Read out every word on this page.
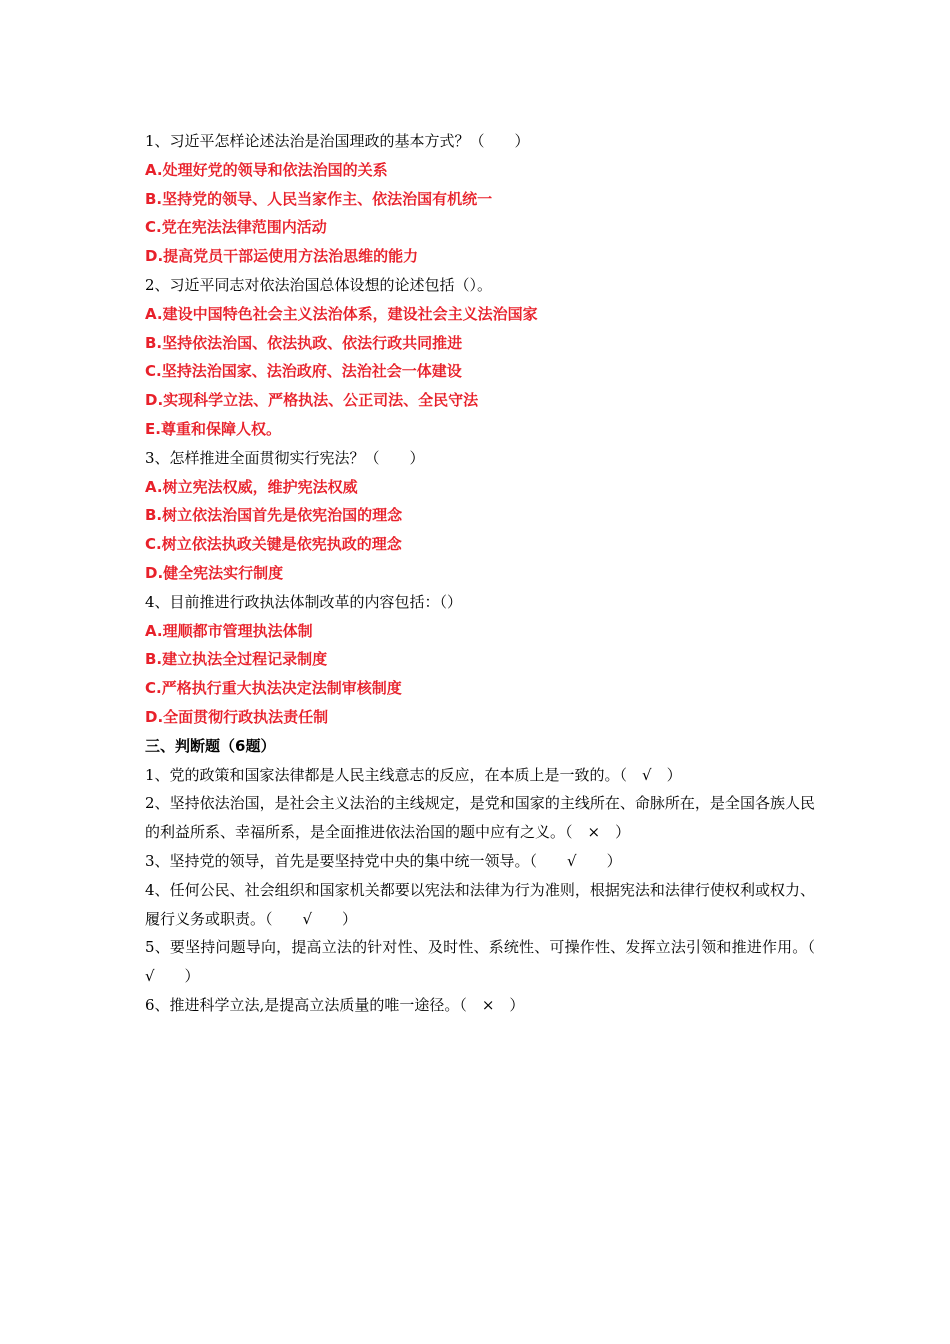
1、习近平怎样论述法治是治国理政的基本方式？（　　）
A.处理好党的领导和依法治国的关系
B.坚持党的领导、人民当家作主、依法治国有机统一
C.党在宪法法律范围内活动
D.提高党员干部运使用方法治思维的能力
2、习近平同志对依法治国总体设想的论述包括（）。
A.建设中国特色社会主义法治体系，建设社会主义法治国家
B.坚持依法治国、依法执政、依法行政共同推进
C.坚持法治国家、法治政府、法治社会一体建设
D.实现科学立法、严格执法、公正司法、全民守法
E.尊重和保障人权。
3、怎样推进全面贯彻实行宪法？（　　）
A.树立宪法权威，维护宪法权威
B.树立依法治国首先是依宪治国的理念
C.树立依法执政关键是依宪执政的理念
D.健全宪法实行制度
4、目前推进行政执法体制改革的内容包括：（）
A.理顺都市管理执法体制
B.建立执法全过程记录制度
C.严格执行重大执法决定法制审核制度
D.全面贯彻行政执法责任制
三、判断题（6题）
1、党的政策和国家法律都是人民主线意志的反应，在本质上是一致的。（　√　）
2、坚持依法治国，是社会主义法治的主线规定，是党和国家的主线所在、命脉所在，是全国各族人民的利益所系、幸福所系，是全面推进依法治国的题中应有之义。（　×　）
3、坚持党的领导，首先是要坚持党中央的集中统一领导。（　　√　　）
4、任何公民、社会组织和国家机关都要以宪法和法律为行为准则，根据宪法和法律行使权利或权力、履行义务或职责。（　　√　　）
5、要坚持问题导向，提高立法的针对性、及时性、系统性、可操作性、发挥立法引领和推进作用。（　√　　）
6、推进科学立法,是提高立法质量的唯一途径。（　×　）
